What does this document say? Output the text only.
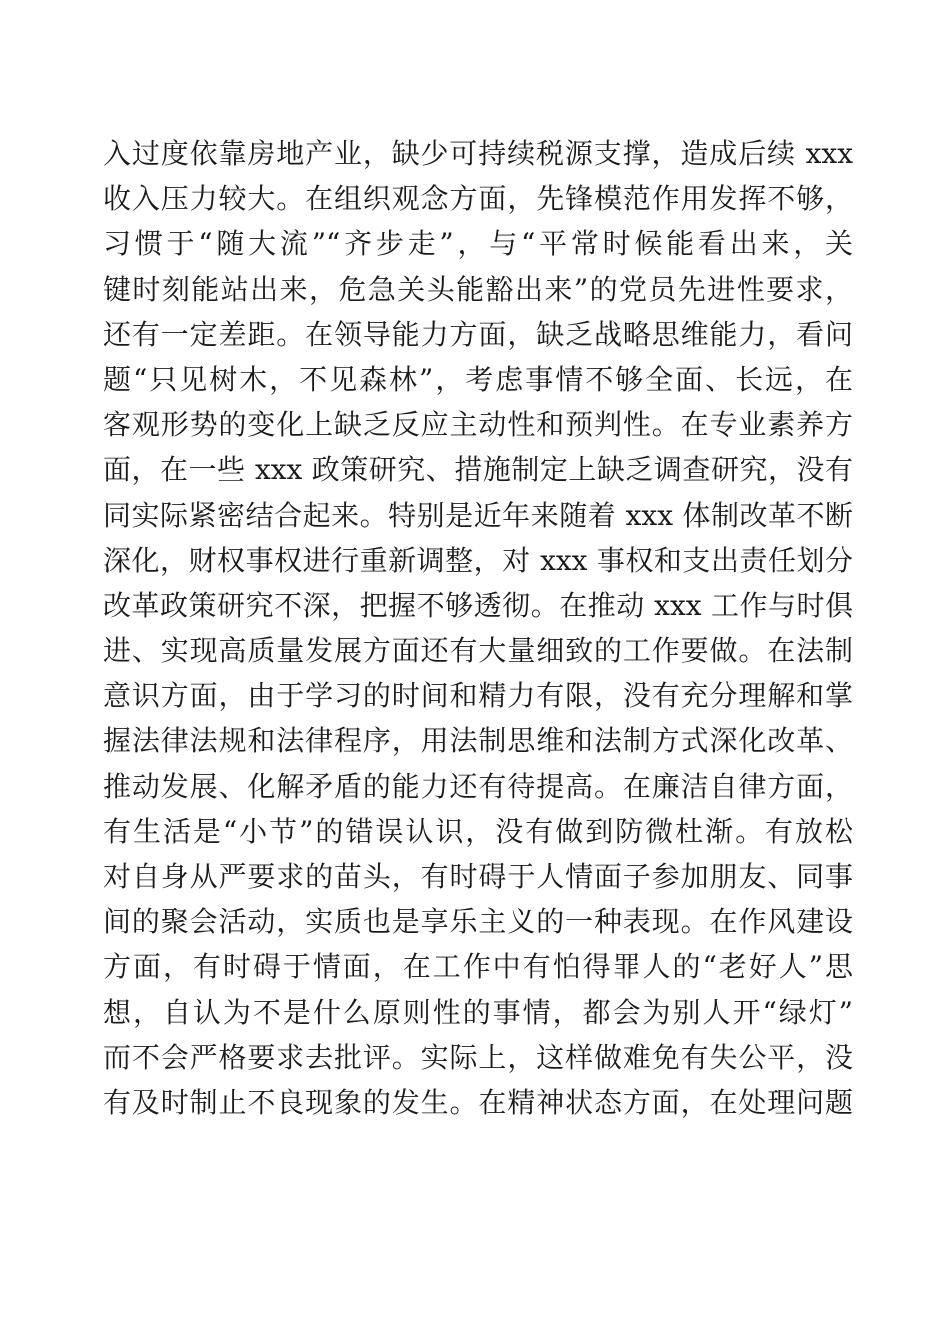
入过度依靠房地产业，缺少可持续税源支撑，造成后续 xxx
收入压力较大。在组织观念方面，先锋模范作用发挥不够，
习惯于“随大流”“齐步走”，与“平常时候能看出来，关
键时刻能站出来，危急关头能豁出来”的党员先进性要求，
还有一定差距。在领导能力方面，缺乏战略思维能力，看问
题“只见树木，不见森林”，考虑事情不够全面、长远，在
客观形势的变化上缺乏反应主动性和预判性。在专业素养方
面，在一些 xxx 政策研究、措施制定上缺乏调查研究，没有
同实际紧密结合起来。特别是近年来随着 xxx 体制改革不断
深化，财权事权进行重新调整，对 xxx 事权和支出责任划分
改革政策研究不深，把握不够透彻。在推动 xxx 工作与时俱
进、实现高质量发展方面还有大量细致的工作要做。在法制
意识方面，由于学习的时间和精力有限，没有充分理解和掌
握法律法规和法律程序，用法制思维和法制方式深化改革、
推动发展、化解矛盾的能力还有待提高。在廉洁自律方面，
有生活是“小节”的错误认识，没有做到防微杜渐。有放松
对自身从严要求的苗头，有时碍于人情面子参加朋友、同事
间的聚会活动，实质也是享乐主义的一种表现。在作风建设
方面，有时碍于情面，在工作中有怕得罪人的“老好人”思
想，自认为不是什么原则性的事情，都会为别人开“绿灯”
而不会严格要求去批评。实际上，这样做难免有失公平，没
有及时制止不良现象的发生。在精神状态方面，在处理问题
